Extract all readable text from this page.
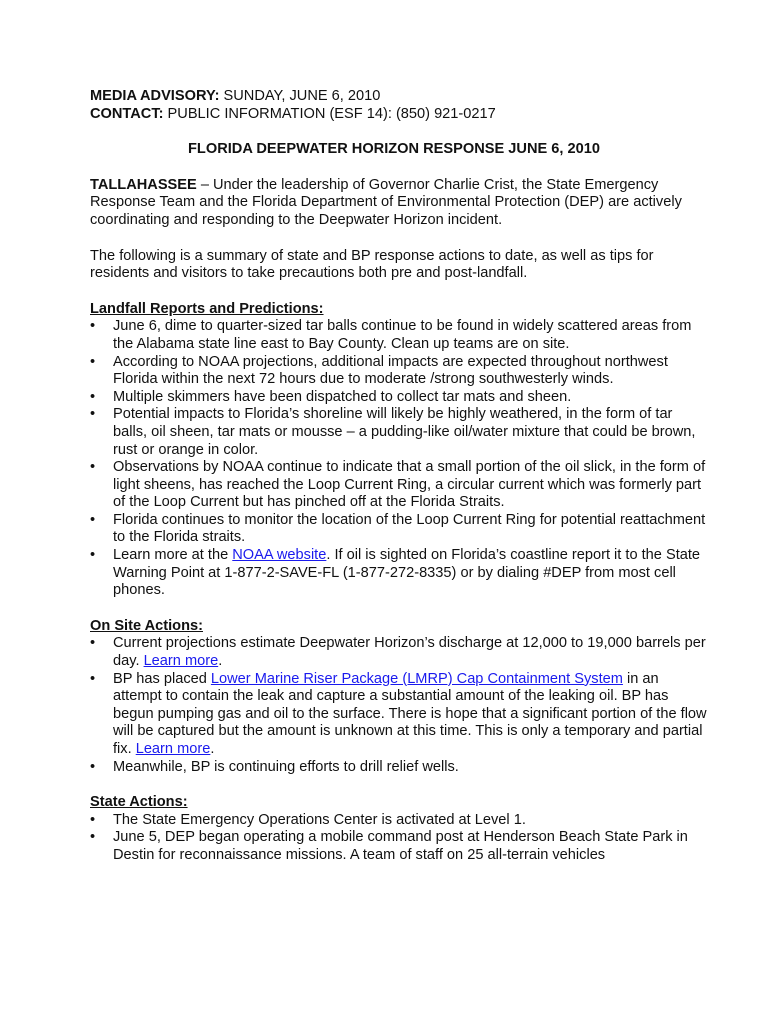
MEDIA ADVISORY: SUNDAY, JUNE 6, 2010

CONTACT: PUBLIC INFORMATION (ESF 14): (850) 921-0217

FLORIDA DEEPWATER HORIZON RESPONSE JUNE 6, 2010

TALLAHASSEE – Under the leadership of Governor Charlie Crist, the State Emergency Response Team and the Florida Department of Environmental Protection (DEP) are actively coordinating and responding to the Deepwater Horizon incident.

The following is a summary of state and BP response actions to date, as well as tips for residents and visitors to take precautions both pre and post-landfall.

Landfall Reports and Predictions:

• June 6, dime to quarter-sized tar balls continue to be found in widely scattered areas from the Alabama state line east to Bay County. Clean up teams are on site.
• According to NOAA projections, additional impacts are expected throughout northwest Florida within the next 72 hours due to moderate /strong southwesterly winds.
• Multiple skimmers have been dispatched to collect tar mats and sheen.
• Potential impacts to Florida’s shoreline will likely be highly weathered, in the form of tar balls, oil sheen, tar mats or mousse – a pudding-like oil/water mixture that could be brown, rust or orange in color.
• Observations by NOAA continue to indicate that a small portion of the oil slick, in the form of light sheens, has reached the Loop Current Ring, a circular current which was formerly part of the Loop Current but has pinched off at the Florida Straits.
• Florida continues to monitor the location of the Loop Current Ring for potential reattachment to the Florida straits.
• Learn more at the NOAA website. If oil is sighted on Florida’s coastline report it to the State Warning Point at 1-877-2-SAVE-FL (1-877-272-8335) or by dialing #DEP from most cell phones.

On Site Actions:

• Current projections estimate Deepwater Horizon’s discharge at 12,000 to 19,000 barrels per day. Learn more.
• BP has placed Lower Marine Riser Package (LMRP) Cap Containment System in an attempt to contain the leak and capture a substantial amount of the leaking oil. BP has begun pumping gas and oil to the surface. There is hope that a significant portion of the flow will be captured but the amount is unknown at this time. This is only a temporary and partial fix. Learn more.
• Meanwhile, BP is continuing efforts to drill relief wells.

State Actions:

• The State Emergency Operations Center is activated at Level 1.
• June 5, DEP began operating a mobile command post at Henderson Beach State Park in Destin for reconnaissance missions. A team of staff on 25 all-terrain vehicles
